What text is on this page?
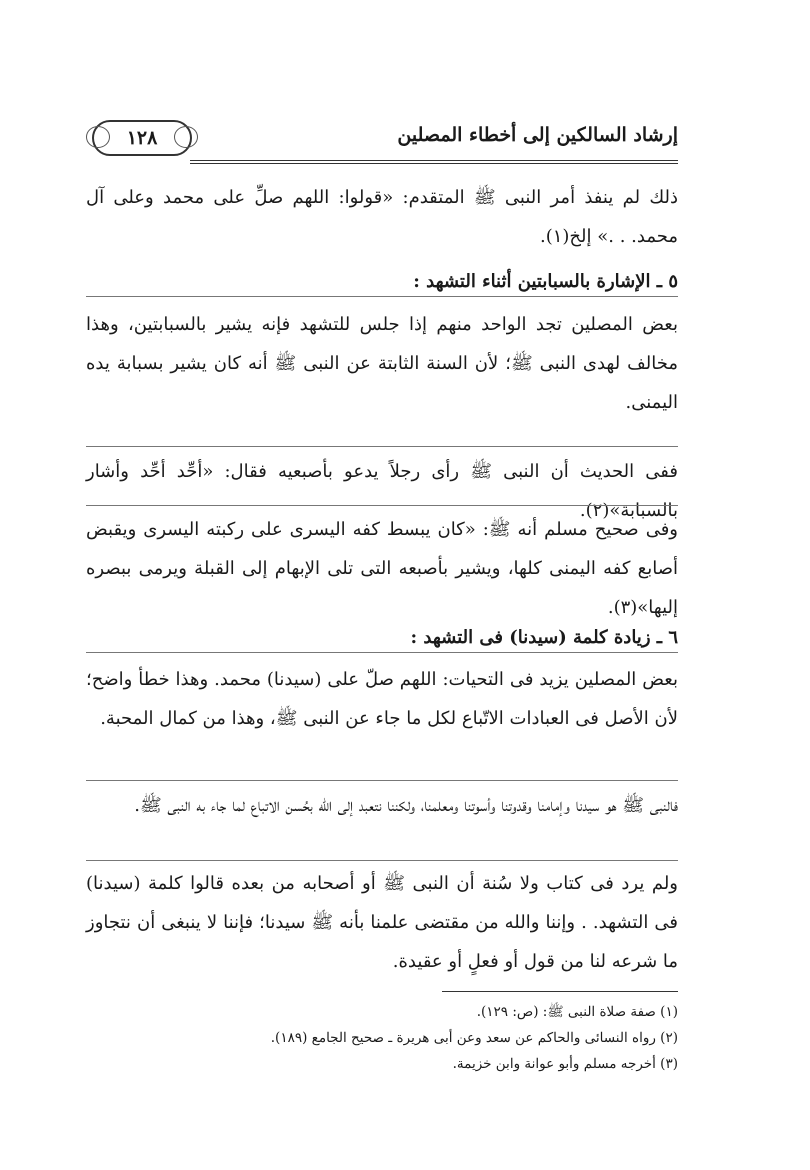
١٢٨	إرشاد السالكين إلى أخطاء المصلين
ذلك لم ينفذ أمر النبى ﷺ المتقدم: «قولوا: اللهم صلِّ على محمد وعلى آل محمد. . .» إلخ(١).
٥ ـ الإشارة بالسبابتين أثناء التشهد :
بعض المصلين تجد الواحد منهم إذا جلس للتشهد فإنه يشير بالسبابتين، وهذا مخالف لهدى النبى ﷺ؛ لأن السنة الثابتة عن النبى ﷺ أنه كان يشير بسبابة يده اليمنى.
ففى الحديث أن النبى ﷺ رأى رجلاً يدعو بأصبعيه فقال: «أحِّد أحِّد وأشار بالسبابة»(٢).
وفى صحيح مسلم أنه ﷺ: «كان يبسط كفه اليسرى على ركبته اليسرى ويقبض أصابع كفه اليمنى كلها، ويشير بأصبعه التى تلى الإبهام إلى القبلة ويرمى ببصره إليها»(٣).
٦ ـ زيادة كلمة (سيدنا) فى التشهد :
بعض المصلين يزيد فى التحيات: اللهم صلّ على (سيدنا) محمد. وهذا خطأ واضح؛ لأن الأصل فى العبادات الاتّباع لكل ما جاء عن النبى ﷺ، وهذا من كمال المحبة.
فالنبى ﷺ هو سيدنا وإمامنا وقدوتنا وأسوتنا ومعلمنا، ولكننا نتعبد إلى الله بحُسن الاتباع لما جاء به النبى ﷺ.
ولم يرد فى كتاب ولا سُنة أن النبى ﷺ أو أصحابه من بعده قالوا كلمة (سيدنا) فى التشهد. . وإننا والله من مقتضى علمنا بأنه ﷺ سيدنا؛ فإننا لا ينبغى أن نتجاوز ما شرعه لنا من قول أو فعلٍ أو عقيدة.
(١) صفة صلاة النبى ﷺ: (ص: ١٢٩).
(٢) رواه النسائى والحاكم عن سعد وعن أبى هريرة ـ صحيح الجامع (١٨٩).
(٣) أخرجه مسلم وأبو عوانة وابن خزيمة.
